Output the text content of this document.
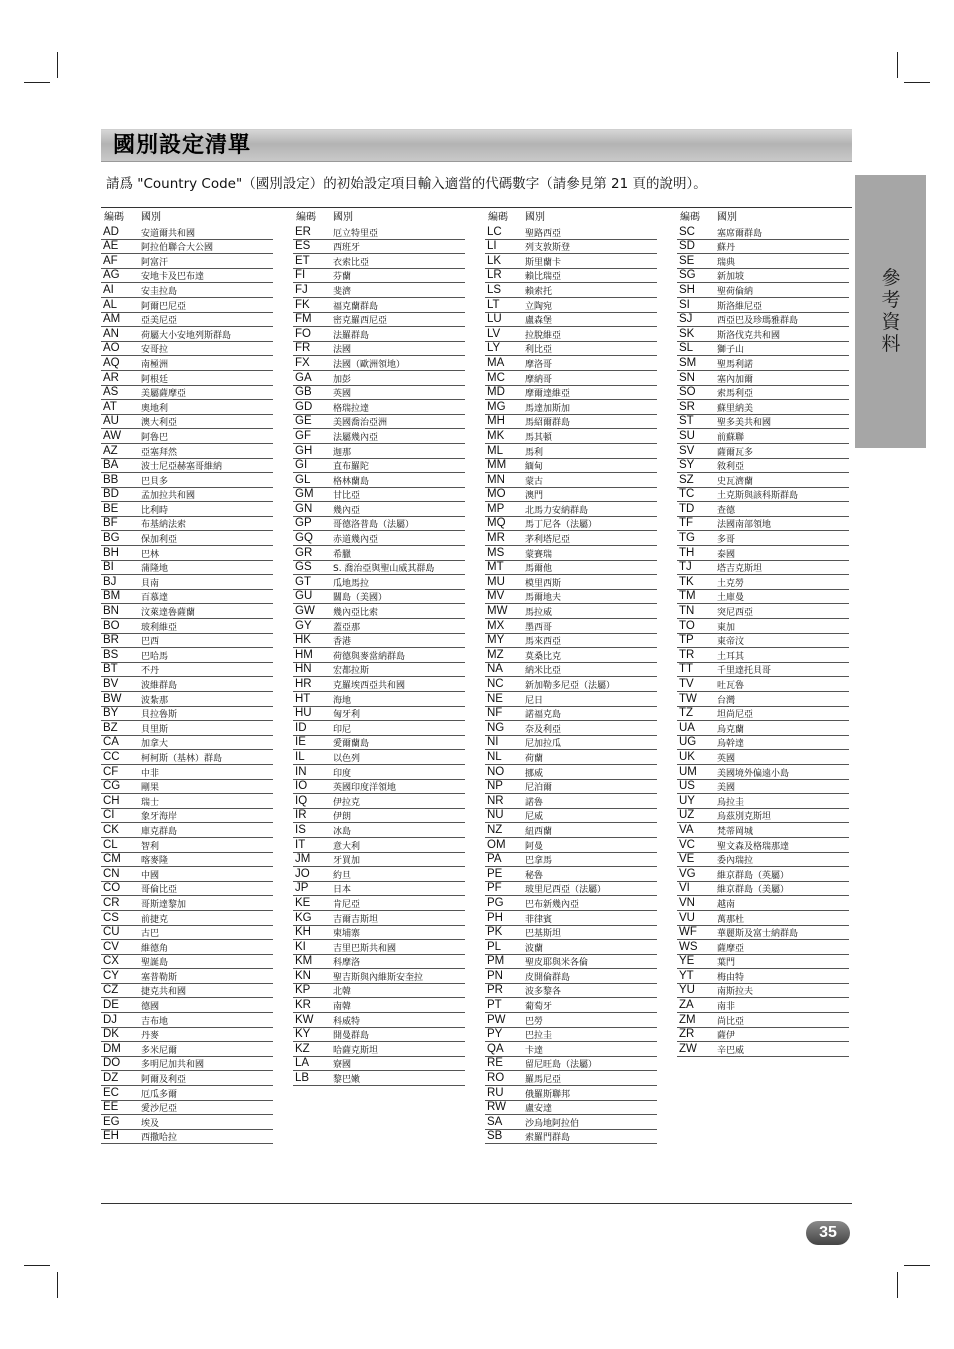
國別設定清單
請爲 "Country Code"（國別設定）的初始設定項目輸入適當的代碼數字（請參見第 21 頁的說明）。
參考資料
編碼 國別
AD 安道爾共和國
AE	阿拉伯聯合大公國
AF	阿富汗
AG 安地卡及巴布達
AI	安圭拉島
AL	阿爾巴尼亞
AM 亞美尼亞
AN 荷屬大小安地列斯群島
AO 安哥拉
AQ 南極洲
AR 阿根廷
AS	美屬薩摩亞
AT	奧地利
AU 澳大利亞
AW 阿魯巴
AZ	亞塞拜然
BA	波士尼亞赫塞哥維納
BB	巴貝多
BD 孟加拉共和國
BE	比利時
BF	布基納法索
BG 保加利亞
BH 巴林
BI	蒲隆地
BJ	貝南
BM 百慕達
BN 汶萊達魯薩蘭
BO 玻利維亞
BR 巴西
BS	巴哈馬
BT	不丹
BV	波維群島
BW 波紮那
BY	貝拉魯斯
BZ	貝里斯
CA 加拿大
CC 柯柯斯（基林）群島
CF	中非
CG 剛果
CH 瑞士
CI	象牙海岸
CK 庫克群島
CL	智利
CM 喀麥隆
CN 中國
CO 哥倫比亞
CR 哥斯達黎加
CS 前捷克
CU 古巴
CV 維德角
CX 聖誕島
CY 塞普勒斯
CZ	捷克共和國
DE 德國
DJ	吉布地
DK 丹麥
DM 多米尼爾
DO 多明尼加共和國
DZ	阿爾及利亞
EC 厄瓜多爾
EE	愛沙尼亞
EG 埃及
EH 西撒哈拉
編碼 國別
ER 厄立特里亞
ES	西班牙
ET	衣索比亞
FI	芬蘭
FJ	斐濟
FK	福克蘭群島
FM 密克羅西尼亞
FO 法羅群島
FR	法國
FX	法國（歐洲領地）
GA 加彭
GB 英國
GD 格瑞拉達
GE 美國喬治亞洲
GF 法屬幾內亞
GH 迦那
GI	直布羅陀
GL	格林蘭島
GM 甘比亞
GN 幾內亞
GP 哥德洛普島（法屬）
GQ 赤道幾內亞
GR 希臘
GS S. 喬治亞與聖山威其群島
GT 瓜地馬拉
GU 關島（美國）
GW 幾內亞比索
GY 蓋亞那
HK 香港
HM 荷德與麥當納群島
HN 宏都拉斯
HR 克羅埃西亞共和國
HT	海地
HU 匈牙利
ID	印尼
IE	愛爾蘭島
IL	以色列
IN	印度
IO	英國印度洋領地
IQ	伊拉克
IR	伊朗
IS	冰島
IT	意大利
JM	牙買加
JO	約旦
JP	日本
KE	肯尼亞
KG 吉爾吉斯坦
KH 柬埔寨
KI	吉里巴斯共和國
KM 科摩洛
KN 聖吉斯與內維斯安奎拉
KP	北韓
KR 南韓
KW 科威特
KY	開曼群島
KZ	哈薩克斯坦
LA	寮國
LB	黎巴嫩
編碼 國別
LC	聖路西亞
LI	列支敦斯登
LK	斯里蘭卡
LR	賴比瑞亞
LS	賴索托
LT	立陶宛
LU	盧森堡
LV	拉脫維亞
LY	利比亞
MA 摩洛哥
MC 摩納哥
MD 摩爾達維亞
MG 馬達加斯加
MH 馬紹爾群島
MK 馬其頓
ML 馬利
MM 緬甸
MN 蒙古
MO 澳門
MP 北馬力安納群島
MQ 馬丁尼各（法屬）
MR 茅利塔尼亞
MS 蒙賽瑞
MT 馬爾他
MU 模里西斯
MV 馬爾地夫
MW 馬拉威
MX 墨西哥
MY 馬來西亞
MZ 莫桑比克
NA 納米比亞
NC 新加勒多尼亞（法屬）
NE 尼日
NF	諾福克島
NG 奈及利亞
NI	尼加拉瓜
NL	荷蘭
NO 挪威
NP 尼泊爾
NR 諾魯
NU 尼威
NZ	紐西蘭
OM 阿曼
PA	巴拿馬
PE	秘魯
PF	玻里尼西亞（法屬）
PG 巴布新幾內亞
PH 菲律賓
PK	巴基斯坦
PL	波蘭
PM 聖皮耶與米各倫
PN 皮開倫群島
PR 波多黎各
PT	葡萄牙
PW 巴勞
PY	巴拉圭
QA 卡達
RE 留尼旺島（法屬）
RO 羅馬尼亞
RU 俄羅斯聯邦
RW 盧安達
SA	沙烏地阿拉伯
SB	索羅門群島
編碼 國別
SC 塞席爾群島
SD 蘇丹
SE	瑞典
SG 新加坡
SH 聖荷倫納
SI	斯洛維尼亞
SJ	西亞巴及珍瑪雅群島
SK	斯洛伐克共和國
SL	獅子山
SM 聖馬利諾
SN 塞內加爾
SO 索馬利亞
SR 蘇里納美
ST	聖多美共和國
SU 前蘇聯
SV	薩爾瓦多
SY	敘利亞
SZ	史瓦濟蘭
TC	土克斯與該科斯群島
TD	查德
TF	法國南部領地
TG 多哥
TH	泰國
TJ	塔吉克斯坦
TK	土克勞
TM 土庫曼
TN	突尼西亞
TO 東加
TP	東帝汶
TR	土耳其
TT	千里達托貝哥
TV	吐瓦魯
TW 台灣
TZ	坦尚尼亞
UA 烏克蘭
UG 烏幹達
UK 英國
UM 美國境外偏遠小島
US 美國
UY 烏拉圭
UZ	烏茲別克斯坦
VA	梵蒂岡城
VC 聖文森及格瑞那達
VE	委內瑞拉
VG 維京群島（英屬）
VI	維京群島（美屬）
VN 越南
VU 萬那杜
WF 華麗斯及富士納群島
WS 薩摩亞
YE	葉門
YT	梅由特
YU 南斯拉夫
ZA	南非
ZM 尚比亞
ZR	薩伊
ZW 辛巴威
35
